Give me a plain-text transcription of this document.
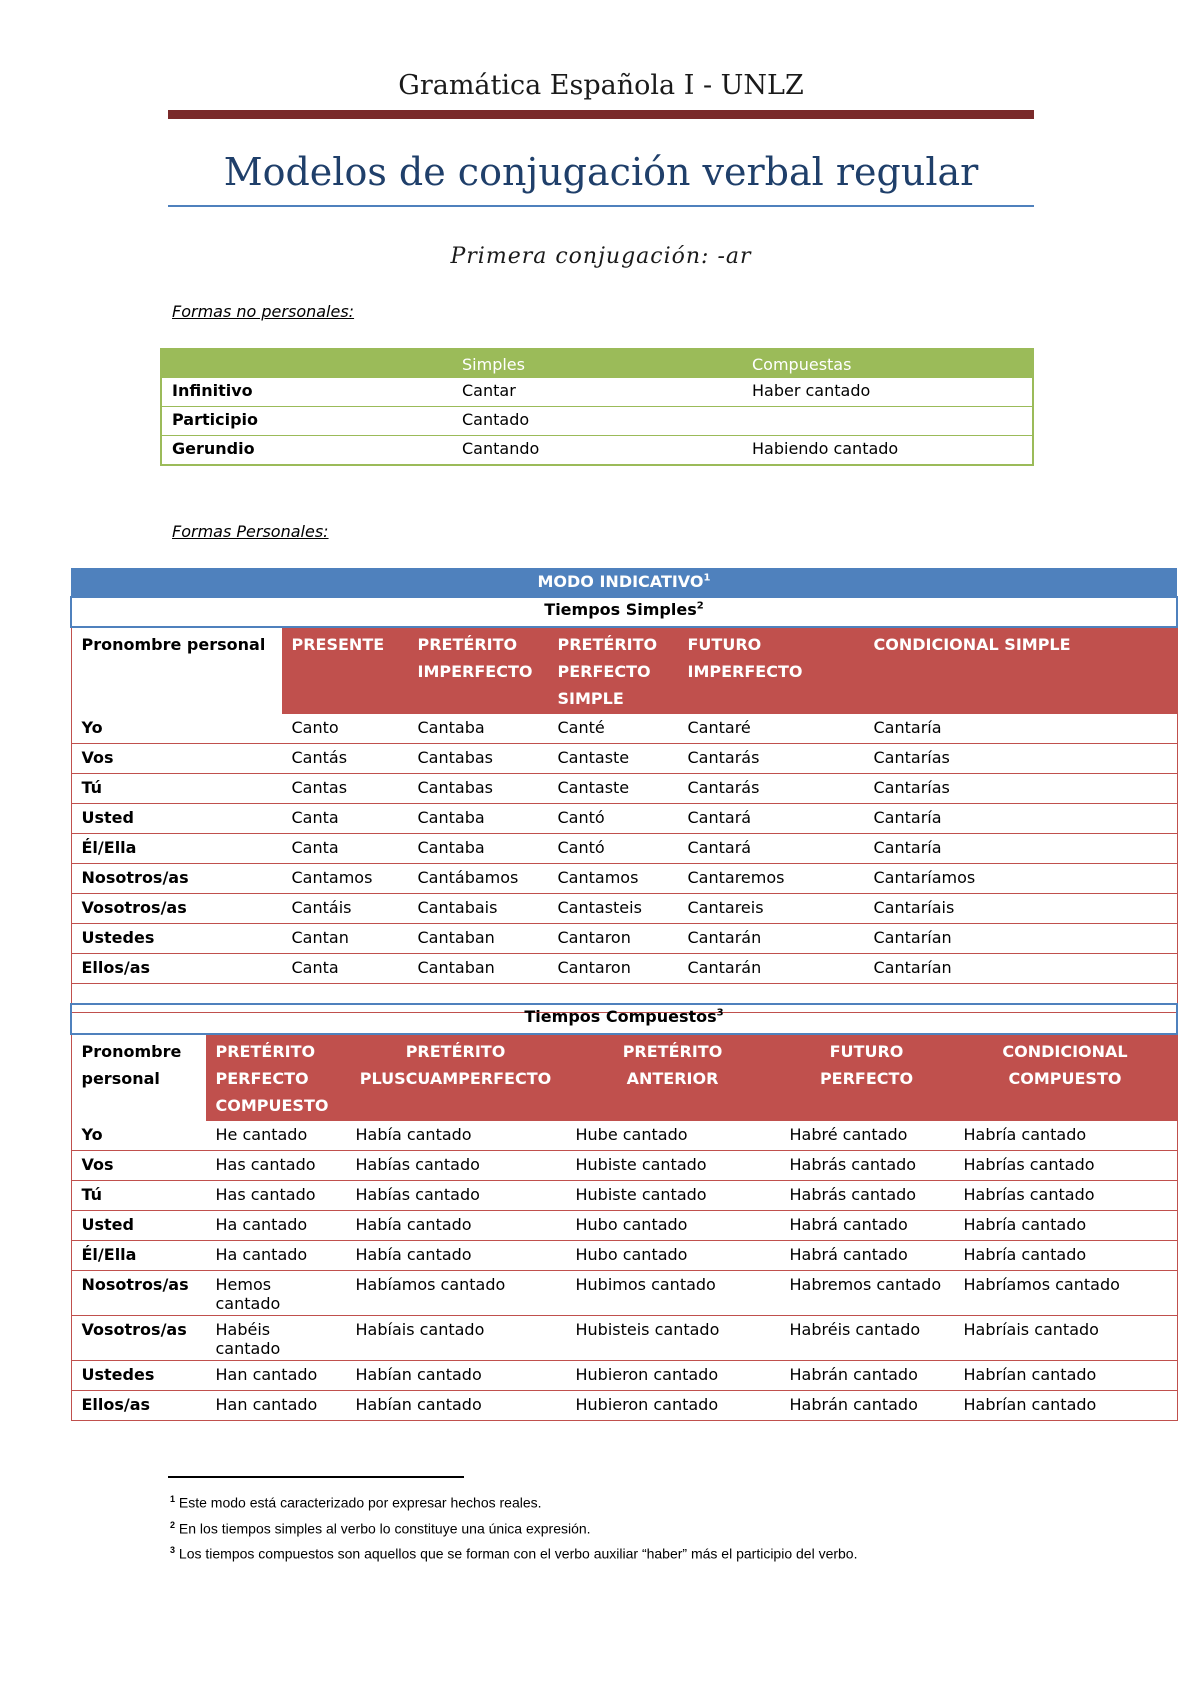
Gramática Española I - UNLZ
Modelos de conjugación verbal regular
Primera conjugación: -ar
Formas no personales:
	Simples	Compuestas
Infinitivo	Cantar	Haber cantado
Participio	Cantado	
Gerundio	Cantando	Habiendo cantado
Formas Personales:
MODO INDICATIVO$^1$
Tiempos Simples$^2$
Pronombre personal	PRESENTE	PRETÉRITO IMPERFECTO	PRETÉRITO PERFECTO SIMPLE	FUTURO IMPERFECTO	CONDICIONAL SIMPLE
Yo	Canto	Cantaba	Canté	Cantaré	Cantaría
Vos	Cantás	Cantabas	Cantaste	Cantarás	Cantarías
Tú	Cantas	Cantabas	Cantaste	Cantarás	Cantarías
Usted	Canta	Cantaba	Cantó	Cantará	Cantaría
Él/Ella	Canta	Cantaba	Cantó	Cantará	Cantaría
Nosotros/as	Cantamos	Cantábamos	Cantamos	Cantaremos	Cantaríamos
Vosotros/as	Cantáis	Cantabais	Cantasteis	Cantareis	Cantaríais
Ustedes	Cantan	Cantaban	Cantaron	Cantarán	Cantarían
Ellos/as	Canta	Cantaban	Cantaron	Cantarán	Cantarían

Tiempos Compuestos$^3$
Pronombre personal	PRETÉRITO PERFECTO COMPUESTO	PRETÉRITO PLUSCUAMPERFECTO	PRETÉRITO ANTERIOR	FUTURO PERFECTO	CONDICIONAL COMPUESTO
Yo	He cantado	Había cantado	Hube cantado	Habré cantado	Habría cantado
Vos	Has cantado	Habías cantado	Hubiste cantado	Habrás cantado	Habrías cantado
Tú	Has cantado	Habías cantado	Hubiste cantado	Habrás cantado	Habrías cantado
Usted	Ha cantado	Había cantado	Hubo cantado	Habrá cantado	Habría cantado
Él/Ella	Ha cantado	Había cantado	Hubo cantado	Habrá cantado	Habría cantado
Nosotros/as	Hemos cantado	Habíamos cantado	Hubimos cantado	Habremos cantado	Habríamos cantado
Vosotros/as	Habéis cantado	Habíais cantado	Hubisteis cantado	Habréis cantado	Habríais cantado
Ustedes	Han cantado	Habían cantado	Hubieron cantado	Habrán cantado	Habrían cantado
Ellos/as	Han cantado	Habían cantado	Hubieron cantado	Habrán cantado	Habrían cantado
$^1$ Este modo está caracterizado por expresar hechos reales.
$^2$ En los tiempos simples al verbo lo constituye una única expresión.
$^3$ Los tiempos compuestos son aquellos que se forman con el verbo auxiliar “haber” más el participio del verbo.
